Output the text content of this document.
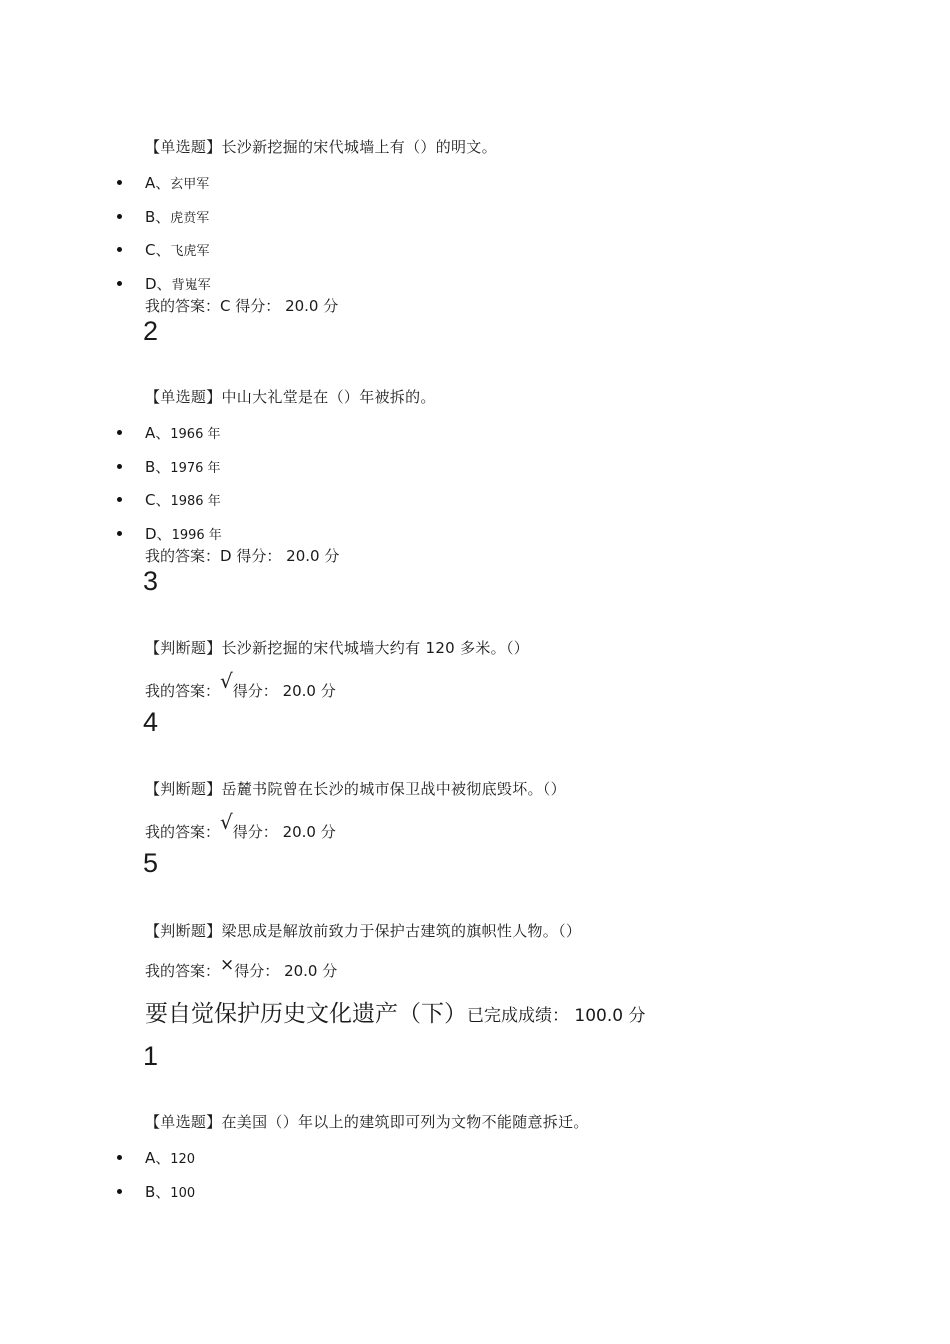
【单选题】长沙新挖掘的宋代城墙上有（）的明文。
A、玄甲军
B、虎贲军
C、飞虎军
D、背嵬军
我的答案：C 得分： 20.0 分
2
【单选题】中山大礼堂是在（）年被拆的。
A、1966 年
B、1976 年
C、1986 年
D、1996 年
我的答案：D 得分： 20.0 分
3
【判断题】长沙新挖掘的宋代城墙大约有 120 多米。（）
我的答案：√得分： 20.0 分
4
【判断题】岳麓书院曾在长沙的城市保卫战中被彻底毁坏。（）
我的答案：√得分： 20.0 分
5
【判断题】梁思成是解放前致力于保护古建筑的旗帜性人物。（）
我的答案：×得分： 20.0 分
要自觉保护历史文化遗产（下）已完成成绩： 100.0 分
1
【单选题】在美国（）年以上的建筑即可列为文物不能随意拆迁。
A、120
B、100
